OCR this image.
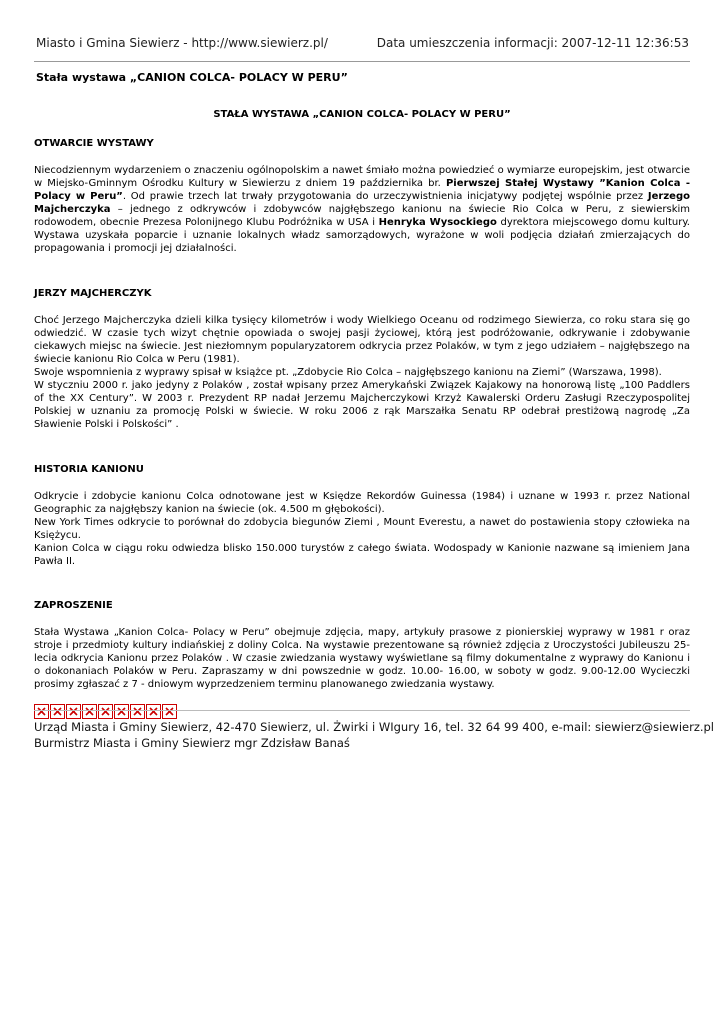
Miasto i Gmina Siewierz - http://www.siewierz.pl/	Data umieszczenia informacji: 2007-12-11 12:36:53
Stała wystawa „CANION COLCA- POLACY W PERU”

STAŁA WYSTAWA „CANION COLCA- POLACY W PERU”

OTWARCIE WYSTAWY

Niecodziennym wydarzeniem o znaczeniu ogólnopolskim a nawet śmiało można powiedzieć o wymiarze europejskim, jest otwarcie w Miejsko-Gminnym Ośrodku Kultury w Siewierzu z dniem 19 października br. Pierwszej Stałej Wystawy ”Kanion Colca - Polacy w Peru”. Od prawie trzech lat trwały przygotowania do urzeczywistnienia inicjatywy podjętej wspólnie przez Jerzego Majcherczyka – jednego z odkrywców i zdobywców najgłębszego kanionu na świecie Rio Colca w Peru, z siewierskim rodowodem, obecnie Prezesa Polonijnego Klubu Podróżnika w USA i Henryka Wysockiego dyrektora miejscowego domu kultury. Wystawa uzyskała poparcie i uznanie lokalnych władz samorządowych, wyrażone w woli podjęcia działań zmierzających do propagowania i promocji jej działalności.

JERZY MAJCHERCZYK

Choć Jerzego Majcherczyka dzieli kilka tysięcy kilometrów i wody Wielkiego Oceanu od rodzimego Siewierza, co roku stara się go odwiedzić. W czasie tych wizyt chętnie opowiada o swojej pasji życiowej, którą jest podróżowanie, odkrywanie i zdobywanie ciekawych miejsc na świecie. Jest niezłomnym popularyzatorem odkrycia przez Polaków, w tym z jego udziałem – najgłębszego na świecie kanionu Rio Colca w Peru (1981).

Swoje wspomnienia z wyprawy spisał w książce pt. „Zdobycie Rio Colca – najgłębszego kanionu na Ziemi” (Warszawa, 1998).

W styczniu 2000 r. jako jedyny z Polaków , został wpisany przez Amerykański Związek Kajakowy na honorową listę „100 Paddlers of the XX Century”. W 2003 r. Prezydent RP nadał Jerzemu Majcherczykowi Krzyż Kawalerski Orderu Zasługi Rzeczypospolitej Polskiej w uznaniu za promocję Polski w świecie. W roku 2006 z rąk Marszałka Senatu RP odebrał prestiżową nagrodę „Za Sławienie Polski i Polskości” .

HISTORIA KANIONU

Odkrycie i zdobycie kanionu Colca odnotowane jest w Księdze Rekordów Guinessa (1984) i uznane w 1993 r. przez National Geographic za najgłębszy kanion na świecie (ok. 4.500 m głębokości).

New York Times odkrycie to porównał do zdobycia biegunów Ziemi , Mount Everestu, a nawet do postawienia stopy człowieka na Księżycu.

Kanion Colca w ciągu roku odwiedza blisko 150.000 turystów z całego świata. Wodospady w Kanionie nazwane są imieniem Jana Pawła II.

ZAPROSZENIE

Stała Wystawa „Kanion Colca- Polacy w Peru” obejmuje zdjęcia, mapy, artykuły prasowe z pionierskiej wyprawy w 1981 r oraz stroje i przedmioty kultury indiańskiej z doliny Colca. Na wystawie prezentowane są również zdjęcia z Uroczystości Jubileuszu 25- lecia odkrycia Kanionu przez Polaków . W czasie zwiedzania wystawy wyświetlane są filmy dokumentalne z wyprawy do Kanionu i o dokonaniach Polaków w Peru. Zapraszamy w dni powszednie w godz. 10.00- 16.00, w soboty w godz. 9.00-12.00 Wycieczki prosimy zgłaszać z 7 - dniowym wyprzedzeniem terminu planowanego zwiedzania wystawy.

Urząd Miasta i Gminy Siewierz, 42-470 Siewierz, ul. Żwirki i WIgury 16, tel. 32 64 99 400, e-mail: siewierz@siewierz.pl
Burmistrz Miasta i Gminy Siewierz mgr Zdzisław Banaś
